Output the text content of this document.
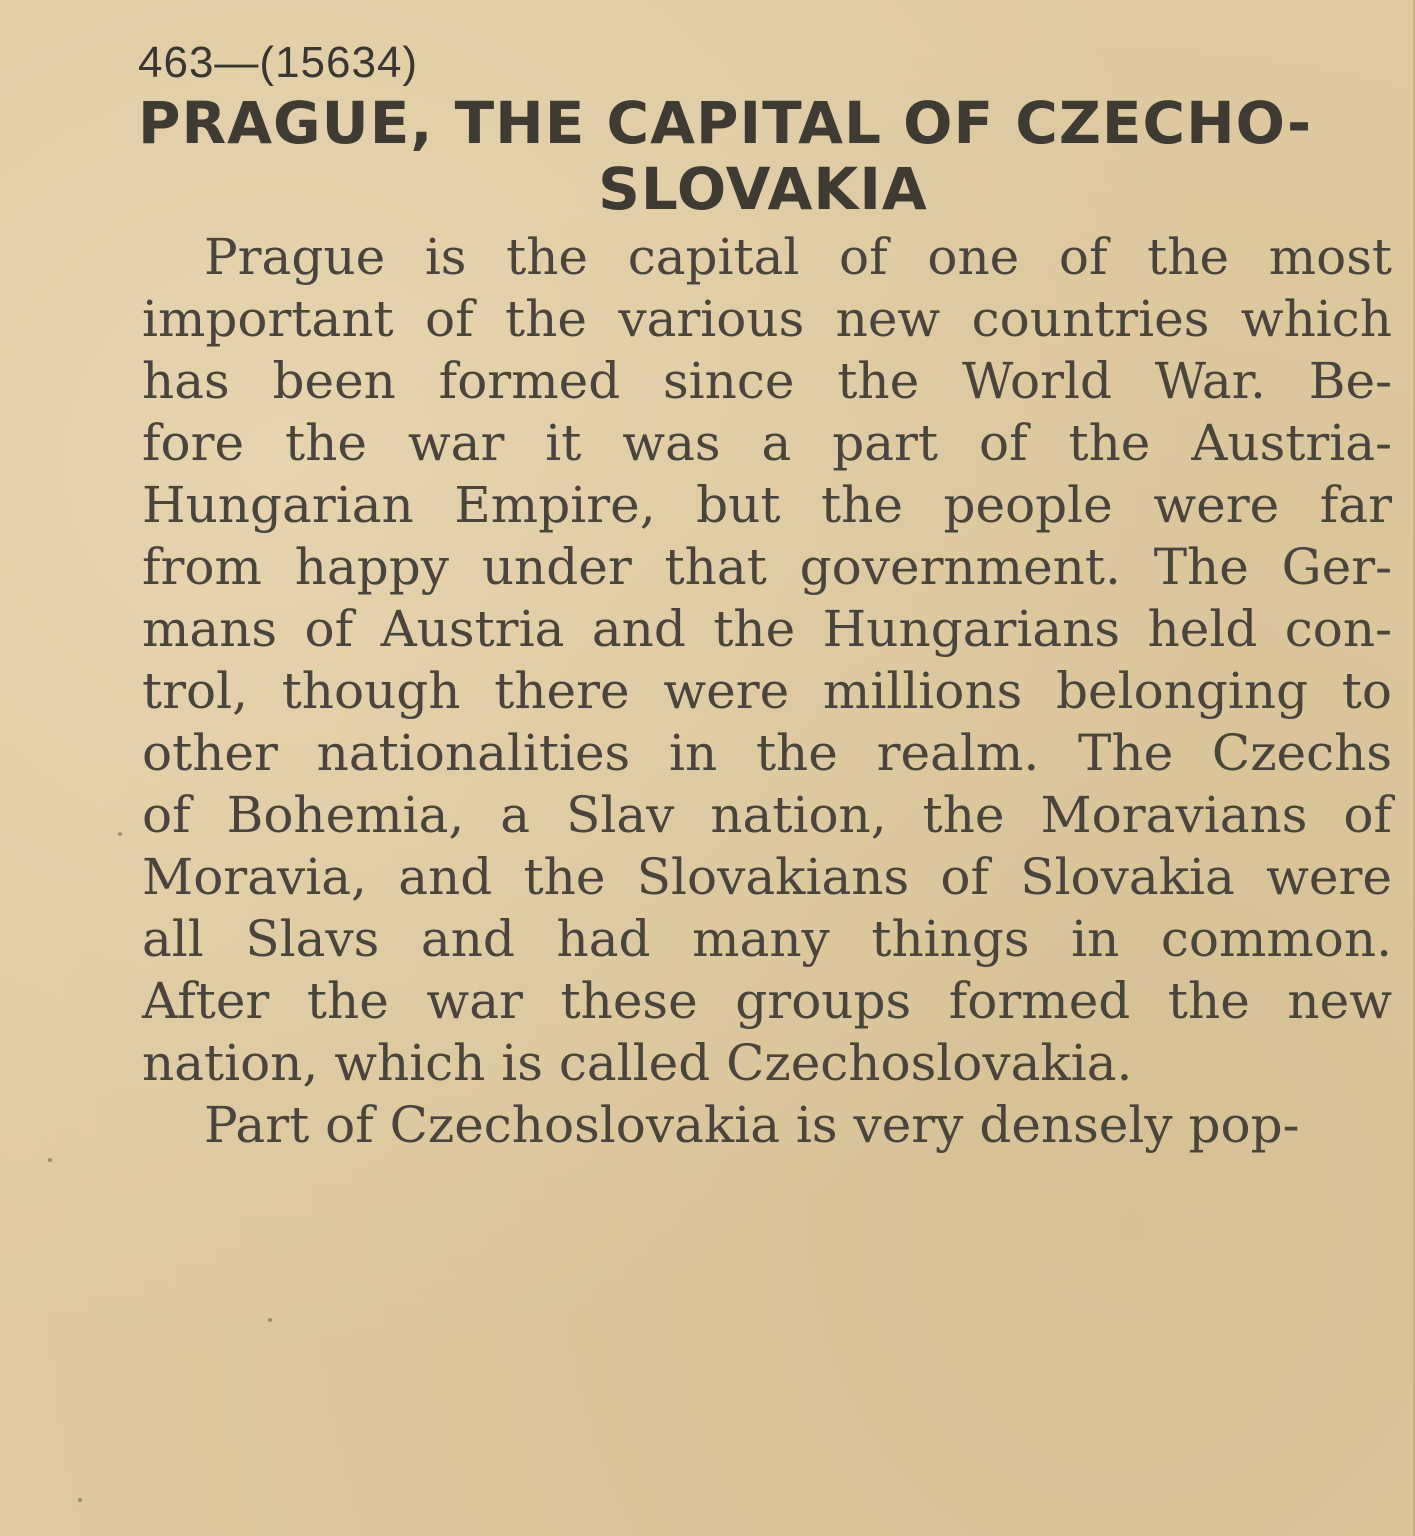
463—(15634)
PRAGUE, THE CAPITAL OF CZECHO-
SLOVAKIA
Prague is the capital of one of the most
important of the various new countries which
has been formed since the World War. Be-
fore the war it was a part of the Austria-
Hungarian Empire, but the people were far
from happy under that government. The Ger-
mans of Austria and the Hungarians held con-
trol, though there were millions belonging to
other nationalities in the realm. The Czechs
of Bohemia, a Slav nation, the Moravians of
Moravia, and the Slovakians of Slovakia were
all Slavs and had many things in common.
After the war these groups formed the new
nation, which is called Czechoslovakia.
Part of Czechoslovakia is very densely pop-
